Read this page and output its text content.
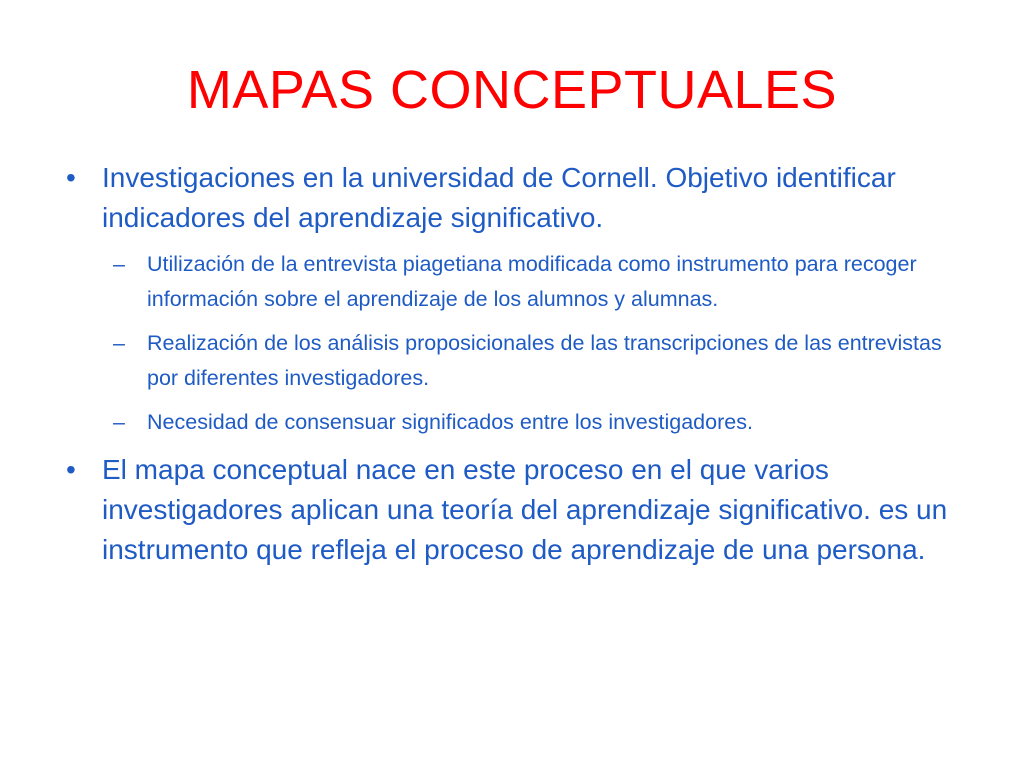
MAPAS CONCEPTUALES
• Investigaciones en la universidad de Cornell. Objetivo identificar indicadores del aprendizaje significativo.
– Utilización de la entrevista piagetiana modificada como instrumento para recoger información sobre el aprendizaje de los alumnos y alumnas.
– Realización de los análisis proposicionales de las transcripciones de las entrevistas por diferentes investigadores.
– Necesidad de consensuar significados entre los investigadores.
• El mapa conceptual nace en este proceso en el que varios investigadores aplican una teoría del aprendizaje significativo. es un instrumento que refleja el proceso de aprendizaje de una persona.
